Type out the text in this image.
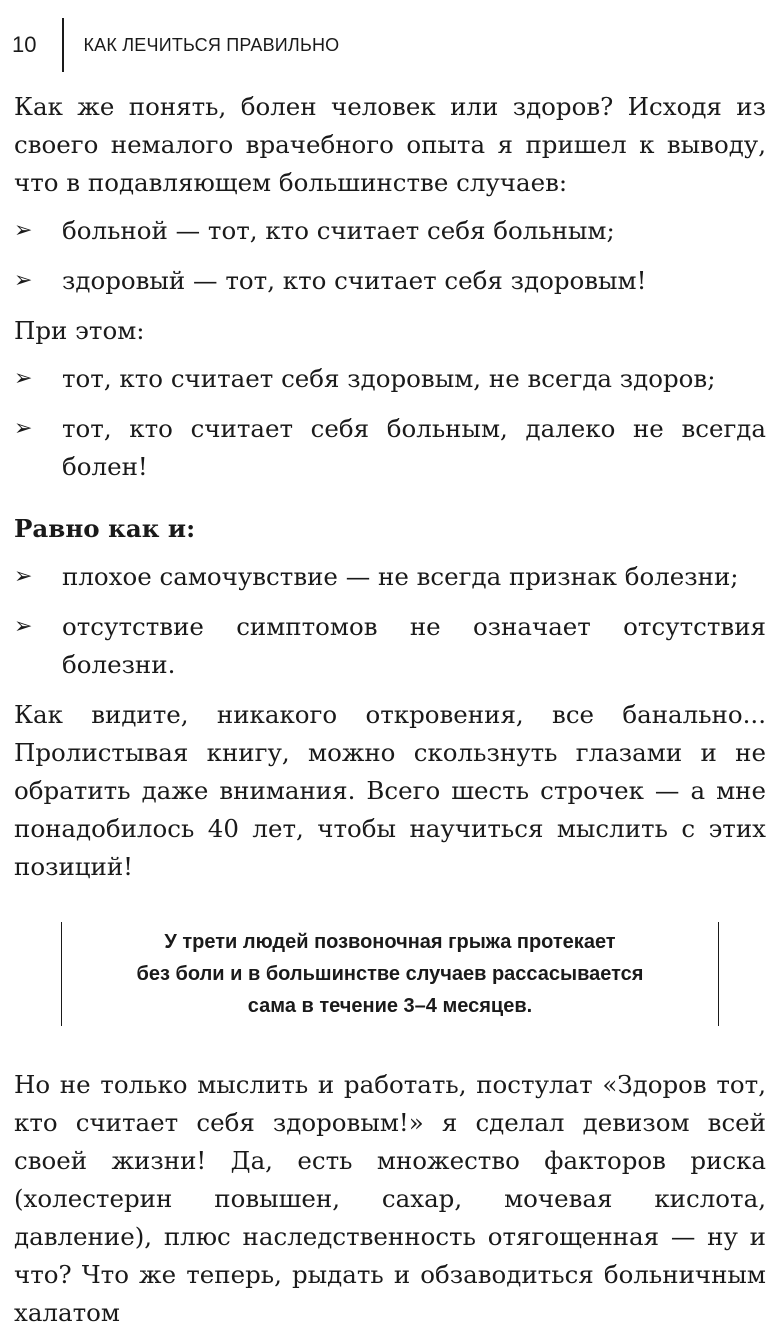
10	КАК ЛЕЧИТЬСЯ ПРАВИЛЬНО

Как же понять, болен человек или здоров? Исходя из своего немалого врачебного опыта я пришел к выводу, что в подавляющем большинстве случаев:

➢	больной — тот, кто считает себя больным;
➢	здоровый — тот, кто считает себя здоровым!

При этом:

➢	тот, кто считает себя здоровым, не всегда здоров;
➢	тот, кто считает себя больным, далеко не всегда болен!

Равно как и:

➢	плохое самочувствие — не всегда признак болезни;
➢	отсутствие симптомов не означает отсутствия болезни.

Как видите, никакого откровения, все банально... Пролистывая книгу, можно скользнуть глазами и не обратить даже внимания. Всего шесть строчек — а мне понадобилось 40 лет, чтобы научиться мыслить с этих позиций!

У трети людей позвоночная грыжа протекает
без боли и в большинстве случаев рассасывается
сама в течение 3–4 месяцев.

Но не только мыслить и работать, постулат «Здоров тот, кто считает себя здоровым!» я сделал девизом всей своей жизни! Да, есть множество факторов риска (холестерин повышен, сахар, мочевая кислота, давление), плюс наследственность отягощенная — ну и что? Что же теперь, рыдать и обзаводиться больничным халатом
